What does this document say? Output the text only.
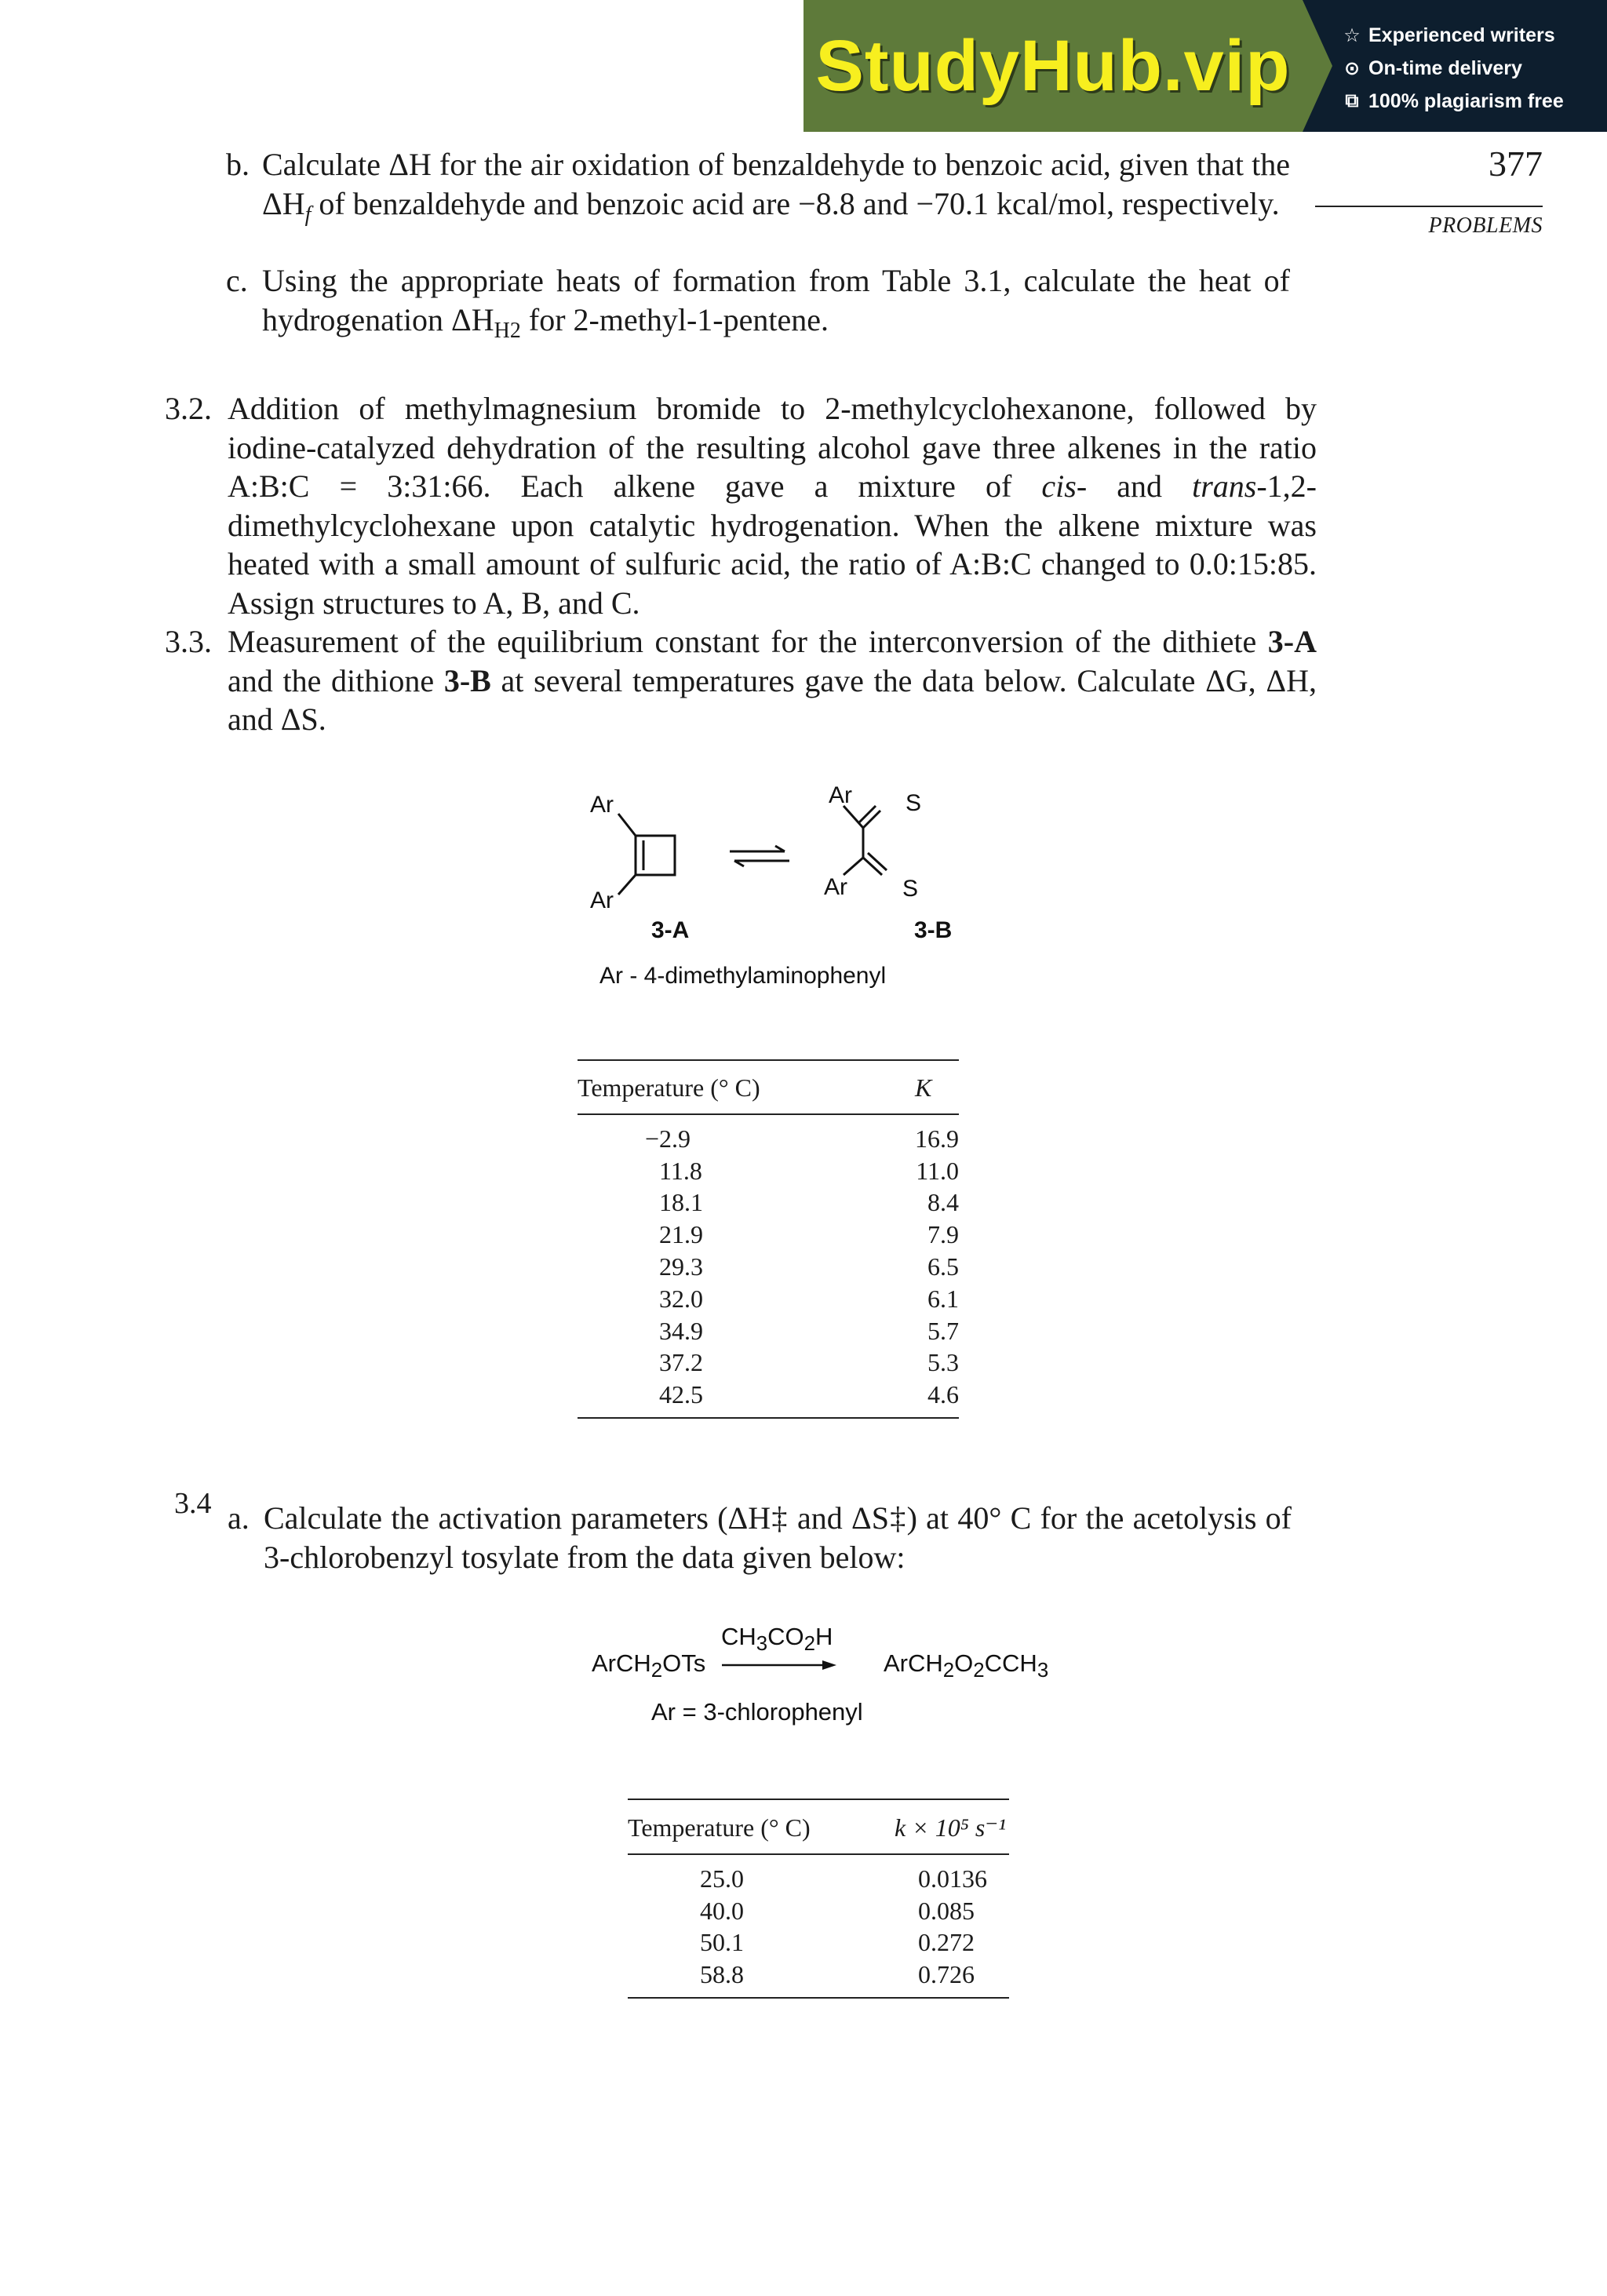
StudyHub.vip	☆ Experienced writers
⊙ On-time delivery
⧉ 100% plagiarism free
377
PROBLEMS
b. Calculate ΔH for the air oxidation of benzaldehyde to benzoic acid, given that the $\Delta H_f$ of benzaldehyde and benzoic acid are −8.8 and −70.1 kcal/mol, respectively.
c. Using the appropriate heats of formation from Table 3.1, calculate the heat of hydrogenation $\Delta H_{H2}$ for 2-methyl-1-pentene.
3.2. Addition of methylmagnesium bromide to 2-methylcyclohexanone, followed by iodine-catalyzed dehydration of the resulting alcohol gave three alkenes in the ratio A:B:C = 3:31:66. Each alkene gave a mixture of cis- and trans-1,2-dimethylcyclohexane upon catalytic hydrogenation. When the alkene mixture was heated with a small amount of sulfuric acid, the ratio of A:B:C changed to 0.0:15:85. Assign structures to A, B, and C.
3.3. Measurement of the equilibrium constant for the interconversion of the dithiete 3-A and the dithione 3-B at several temperatures gave the data below. Calculate ΔG, ΔH, and ΔS.
Ar
Ar
Ar
Ar
S
S
3-A	3-B
Ar - 4-dimethylaminophenyl
Temperature (° C)	K
−2.9	16.9
11.8	11.0
18.1	8.4
21.9	7.9
29.3	6.5
32.0	6.1
34.9	5.7
37.2	5.3
42.5	4.6
3.4 a. Calculate the activation parameters (ΔH‡ and ΔS‡) at 40° C for the acetolysis of 3-chlorobenzyl tosylate from the data given below:
$CH_3CO_2H$
ArCH$_2$OTs	$ArCH_2O_2CCH_3$
Ar = 3-chlorophenyl
Temperature (° C)	k × 10⁵ s⁻¹
25.0	0.0136
40.0	0.085
50.1	0.272
58.8	0.726
